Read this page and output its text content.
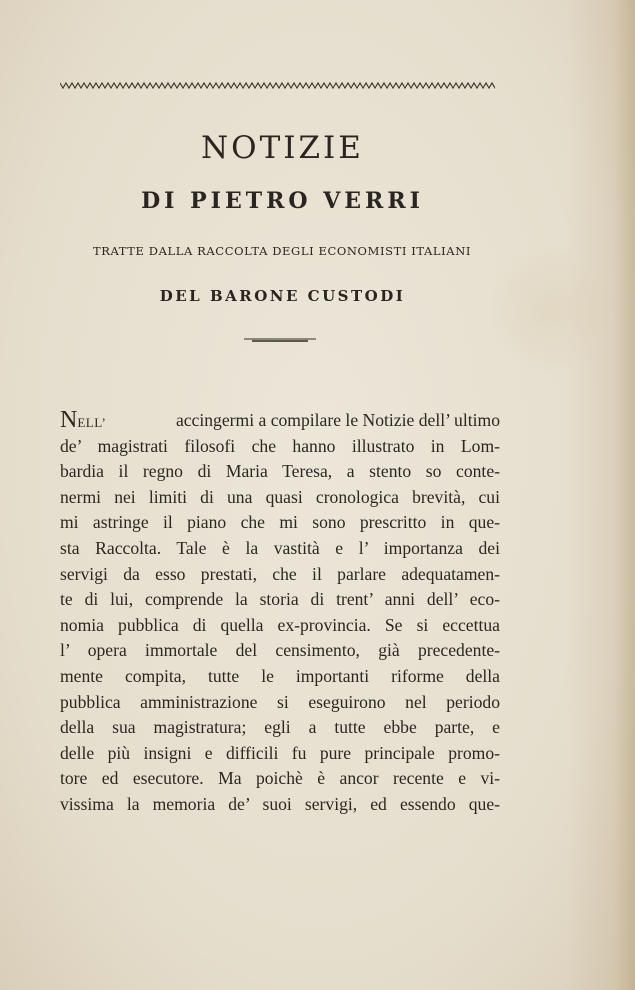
NOTIZIE
DI PIETRO VERRI
TRATTE DALLA RACCOLTA DEGLI ECONOMISTI ITALIANI
DEL BARONE CUSTODI
NELL’	accingermi a compilare le Notizie dell’ ultimo
de’ magistrati filosofi che hanno illustrato in Lom-
bardia il regno di Maria Teresa, a stento so conte-
nermi nei limiti di una quasi cronologica brevità, cui
mi astringe il piano che mi sono prescritto in que-
sta Raccolta. Tale è la vastità e l’ importanza dei
servigi da esso prestati, che il parlare adequatamen-
te di lui, comprende la storia di trent’ anni dell’ eco-
nomia pubblica di quella ex-provincia. Se si eccettua
l’ opera immortale del censimento, già precedente-
mente compita, tutte le importanti riforme della
pubblica amministrazione si eseguirono nel periodo
della sua magistratura; egli a tutte ebbe parte, e
delle più insigni e difficili fu pure principale promo-
tore ed esecutore. Ma poichè è ancor recente e vi-
vissima la memoria de’ suoi servigi, ed essendo que-
